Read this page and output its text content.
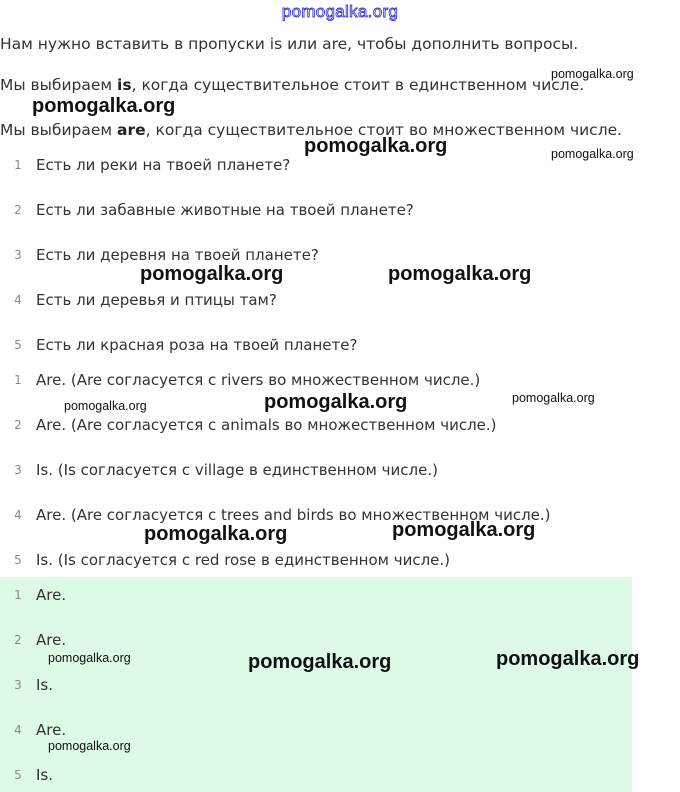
pomogalka.org

Нам нужно вставить в пропуски is или are, чтобы дополнить вопросы.

Мы выбираем is, когда существительное стоит в единственном числе.

Мы выбираем are, когда существительное стоит во множественном числе.

1 Есть ли реки на твоей планете?
2 Есть ли забавные животные на твоей планете?
3 Есть ли деревня на твоей планете?
4 Есть ли деревья и птицы там?
5 Есть ли красная роза на твоей планете?
1 Are. (Are согласуется с rivers во множественном числе.)
2 Are. (Are согласуется с animals во множественном числе.)
3 Is. (Is согласуется с village в единственном числе.)
4 Are. (Are согласуется с trees and birds во множественном числе.)
5 Is. (Is согласуется с red rose в единственном числе.)
1 Are.
2 Are.
3 Is.
4 Are.
5 Is.
pomogalka.org
pomogalka.org
pomogalka.org	pomogalka.org
pomogalka.org	pomogalka.org
pomogalka.org	pomogalka.org	pomogalka.org
pomogalka.org	pomogalka.org
pomogalka.org	pomogalka.org	pomogalka.org
pomogalka.org
